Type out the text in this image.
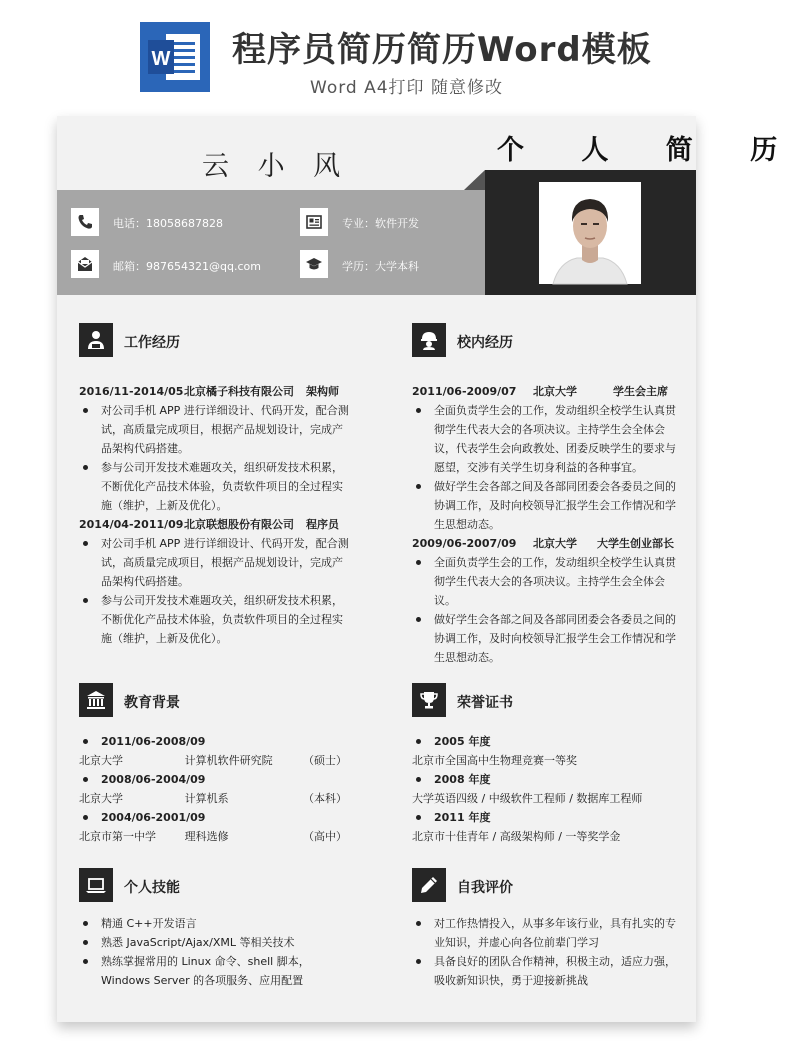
W 程序员简历简历Word模板
Word A4打印 随意修改
云 小 风
个 人 简 历
电话：18058687828
邮箱：987654321@qq.com
专业：软件开发
学历：大学本科
工作经历
2016/11-2014/05北京橘子科技有限公司 架构师
对公司手机 APP 进行详细设计、代码开发，配合测试，高质量完成项目，根据产品规划设计，完成产品架构代码搭建。
参与公司开发技术难题攻关，组织研发技术积累，不断优化产品技术体验，负责软件项目的全过程实施（维护，上新及优化）。
2014/04-2011/09北京联想股份有限公司 程序员
对公司手机 APP 进行详细设计、代码开发，配合测试，高质量完成项目，根据产品规划设计，完成产品架构代码搭建。
参与公司开发技术难题攻关，组织研发技术积累，不断优化产品技术体验，负责软件项目的全过程实施（维护，上新及优化）。
校内经历
2011/06-2009/07 北京大学	学生会主席
全面负责学生会的工作，发动组织全校学生认真贯彻学生代表大会的各项决议。主持学生会全体会议，代表学生会向政教处、团委反映学生的要求与愿望，交涉有关学生切身利益的各种事宜。
做好学生会各部之间及各部同团委会各委员之间的协调工作，及时向校领导汇报学生会工作情况和学生思想动态。
2009/06-2007/09 北京大学 大学生创业部长
全面负责学生会的工作，发动组织全校学生认真贯彻学生代表大会的各项决议。主持学生会全体会议。
做好学生会各部之间及各部同团委会各委员之间的协调工作，及时向校领导汇报学生会工作情况和学生思想动态。
教育背景
2011/06-2008/09
北京大学	计算机软件研究院	（硕士）
2008/06-2004/09
北京大学	计算机系	（本科）
2004/06-2001/09
北京市第一中学	理科选修	（高中）
荣誉证书
2005 年度
北京市全国高中生物理竞赛一等奖
2008 年度
大学英语四级 / 中级软件工程师 / 数据库工程师
2011 年度
北京市十佳青年 / 高级架构师 / 一等奖学金
个人技能
精通 C++开发语言
熟悉 JavaScript/Ajax/XML 等相关技术
熟练掌握常用的 Linux 命令、shell 脚本，Windows Server 的各项服务、应用配置
自我评价
对工作热情投入，从事多年该行业，具有扎实的专业知识，并虚心向各位前辈门学习
具备良好的团队合作精神，积极主动，适应力强，吸收新知识快，勇于迎接新挑战
